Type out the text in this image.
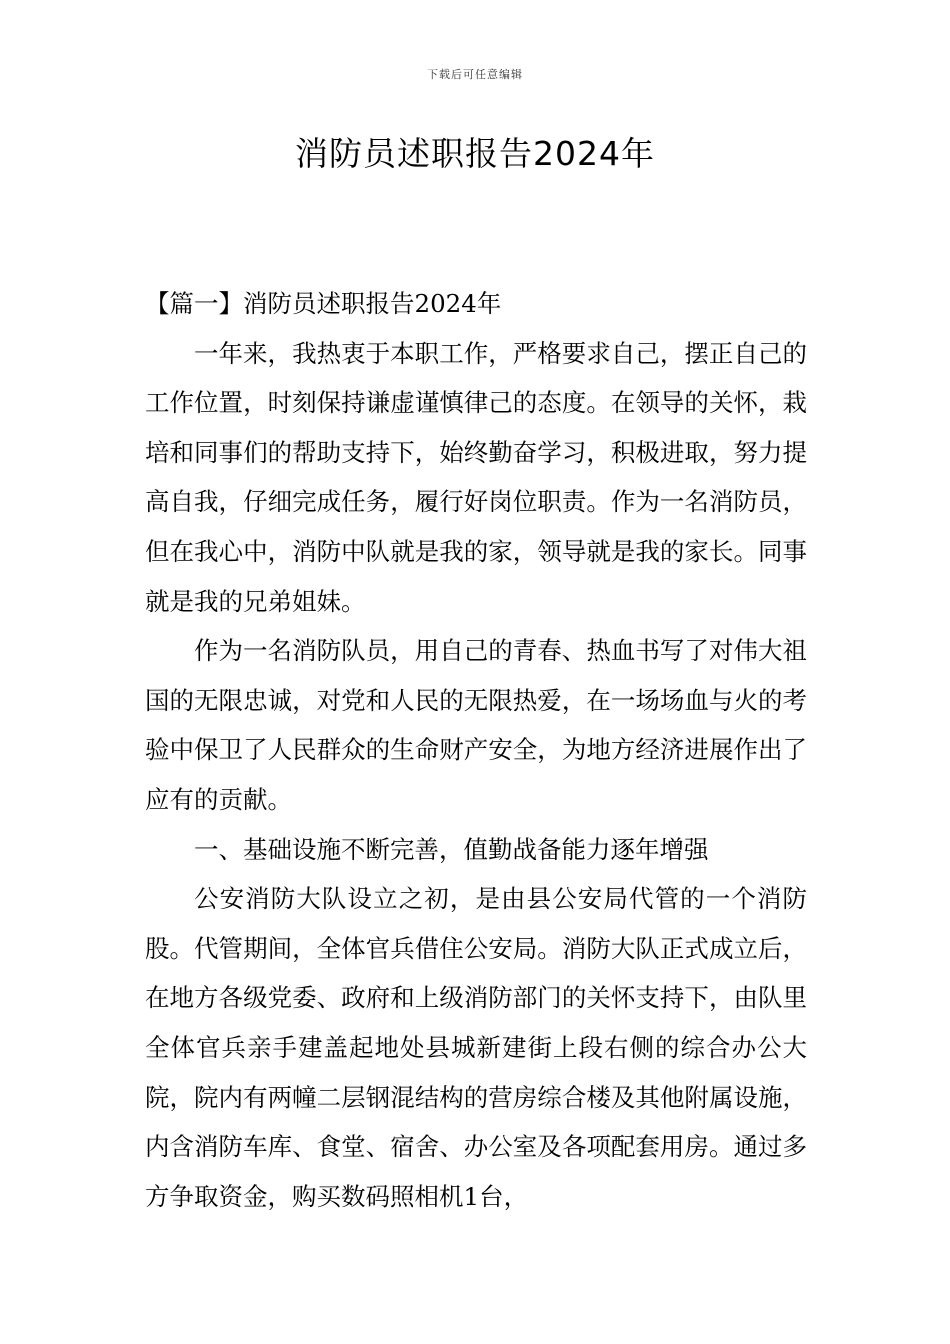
下载后可任意编辑
消防员述职报告2024年

【篇一】消防员述职报告2024年

一年来，我热衷于本职工作，严格要求自己，摆正自己的工作位置，时刻保持谦虚谨慎律己的态度。在领导的关怀，栽培和同事们的帮助支持下，始终勤奋学习，积极进取，努力提高自我，仔细完成任务，履行好岗位职责。作为一名消防员，但在我心中，消防中队就是我的家，领导就是我的家长。同事就是我的兄弟姐妹。

作为一名消防队员，用自己的青春、热血书写了对伟大祖国的无限忠诚，对党和人民的无限热爱，在一场场血与火的考验中保卫了人民群众的生命财产安全，为地方经济进展作出了应有的贡献。

一、基础设施不断完善，值勤战备能力逐年增强

公安消防大队设立之初，是由县公安局代管的一个消防股。代管期间，全体官兵借住公安局。消防大队正式成立后，在地方各级党委、政府和上级消防部门的关怀支持下，由队里全体官兵亲手建盖起地处县城新建街上段右侧的综合办公大院，院内有两幢二层钢混结构的营房综合楼及其他附属设施，内含消防车库、食堂、宿舍、办公室及各项配套用房。通过多方争取资金，购买数码照相机1台，
